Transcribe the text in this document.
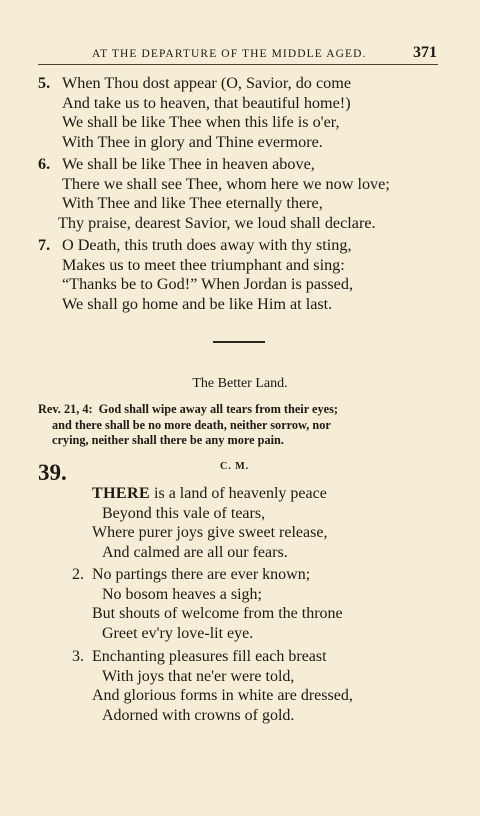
AT THE DEPARTURE OF THE MIDDLE AGED.	371
5. When Thou dost appear (O, Savior, do come
And take us to heaven, that beautiful home!)
We shall be like Thee when this life is o'er,
With Thee in glory and Thine evermore.
6. We shall be like Thee in heaven above,
There we shall see Thee, whom here we now love;
With Thee and like Thee eternally there,
Thy praise, dearest Savior, we loud shall declare.
7. O Death, this truth does away with thy sting,
Makes us to meet thee triumphant and sing:
“Thanks be to God!” When Jordan is passed,
We shall go home and be like Him at last.
The Better Land.
Rev. 21, 4: God shall wipe away all tears from their eyes;
and there shall be no more death, neither sorrow, nor
crying, neither shall there be any more pain.
39.	C. M.
THERE is a land of heavenly peace
Beyond this vale of tears,
Where purer joys give sweet release,
And calmed are all our fears.
2. No partings there are ever known;
No bosom heaves a sigh;
But shouts of welcome from the throne
Greet ev'ry love-lit eye.
3. Enchanting pleasures fill each breast
With joys that ne'er were told,
And glorious forms in white are dressed,
Adorned with crowns of gold.
